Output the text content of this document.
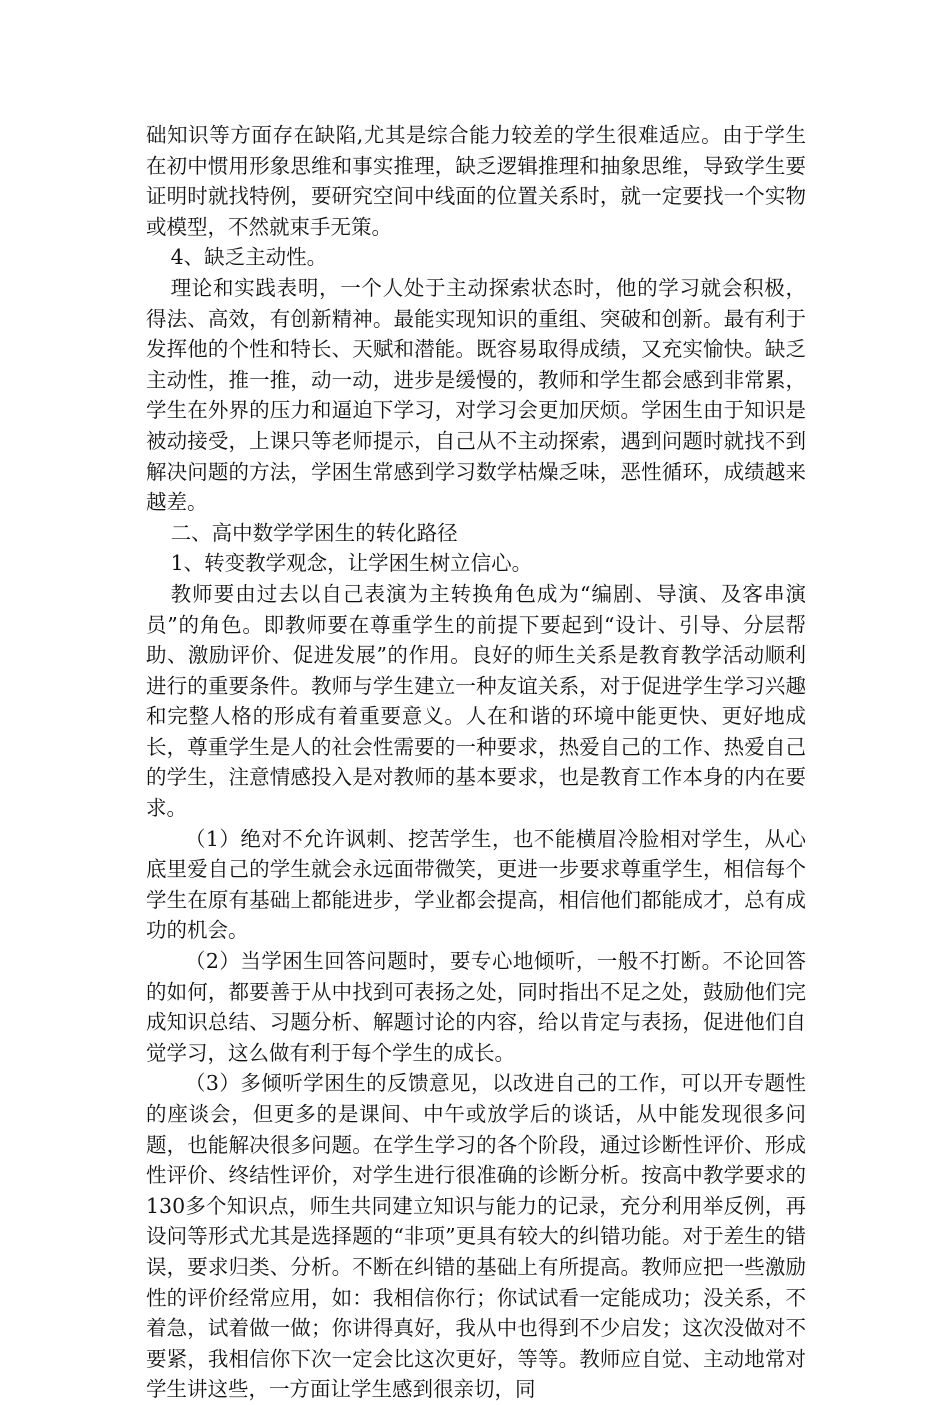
础知识等方面存在缺陷,尤其是综合能力较差的学生很难适应。由于学生在初中惯用形象思维和事实推理，缺乏逻辑推理和抽象思维，导致学生要证明时就找特例，要研究空间中线面的位置关系时，就一定要找一个实物或模型，不然就束手无策。

4、缺乏主动性。

理论和实践表明，一个人处于主动探索状态时，他的学习就会积极，得法、高效，有创新精神。最能实现知识的重组、突破和创新。最有利于发挥他的个性和特长、天赋和潜能。既容易取得成绩，又充实愉快。缺乏主动性，推一推，动一动，进步是缓慢的，教师和学生都会感到非常累，学生在外界的压力和逼迫下学习，对学习会更加厌烦。学困生由于知识是被动接受，上课只等老师提示，自己从不主动探索，遇到问题时就找不到解决问题的方法，学困生常感到学习数学枯燥乏味，恶性循环，成绩越来越差。

二、高中数学学困生的转化路径

1、转变教学观念，让学困生树立信心。

教师要由过去以自己表演为主转换角色成为“编剧、导演、及客串演员”的角色。即教师要在尊重学生的前提下要起到“设计、引导、分层帮助、激励评价、促进发展”的作用。良好的师生关系是教育教学活动顺利进行的重要条件。教师与学生建立一种友谊关系，对于促进学生学习兴趣和完整人格的形成有着重要意义。人在和谐的环境中能更快、更好地成长，尊重学生是人的社会性需要的一种要求，热爱自己的工作、热爱自己的学生，注意情感投入是对教师的基本要求，也是教育工作本身的内在要求。

（1）绝对不允许讽刺、挖苦学生，也不能横眉冷脸相对学生，从心底里爱自己的学生就会永远面带微笑，更进一步要求尊重学生，相信每个学生在原有基础上都能进步，学业都会提高，相信他们都能成才，总有成功的机会。

（2）当学困生回答问题时，要专心地倾听，一般不打断。不论回答的如何，都要善于从中找到可表扬之处，同时指出不足之处，鼓励他们完成知识总结、习题分析、解题讨论的内容，给以肯定与表扬，促进他们自觉学习，这么做有利于每个学生的成长。

（3）多倾听学困生的反馈意见，以改进自己的工作，可以开专题性的座谈会，但更多的是课间、中午或放学后的谈话，从中能发现很多问题，也能解决很多问题。在学生学习的各个阶段，通过诊断性评价、形成性评价、终结性评价，对学生进行很准确的诊断分析。按高中教学要求的130多个知识点，师生共同建立知识与能力的记录，充分利用举反例，再设问等形式尤其是选择题的“非项”更具有较大的纠错功能。对于差生的错误，要求归类、分析。不断在纠错的基础上有所提高。教师应把一些激励性的评价经常应用，如：我相信你行；你试试看一定能成功；没关系，不着急，试着做一做；你讲得真好，我从中也得到不少启发；这次没做对不要紧，我相信你下次一定会比这次更好，等等。教师应自觉、主动地常对学生讲这些，一方面让学生感到很亲切，同
